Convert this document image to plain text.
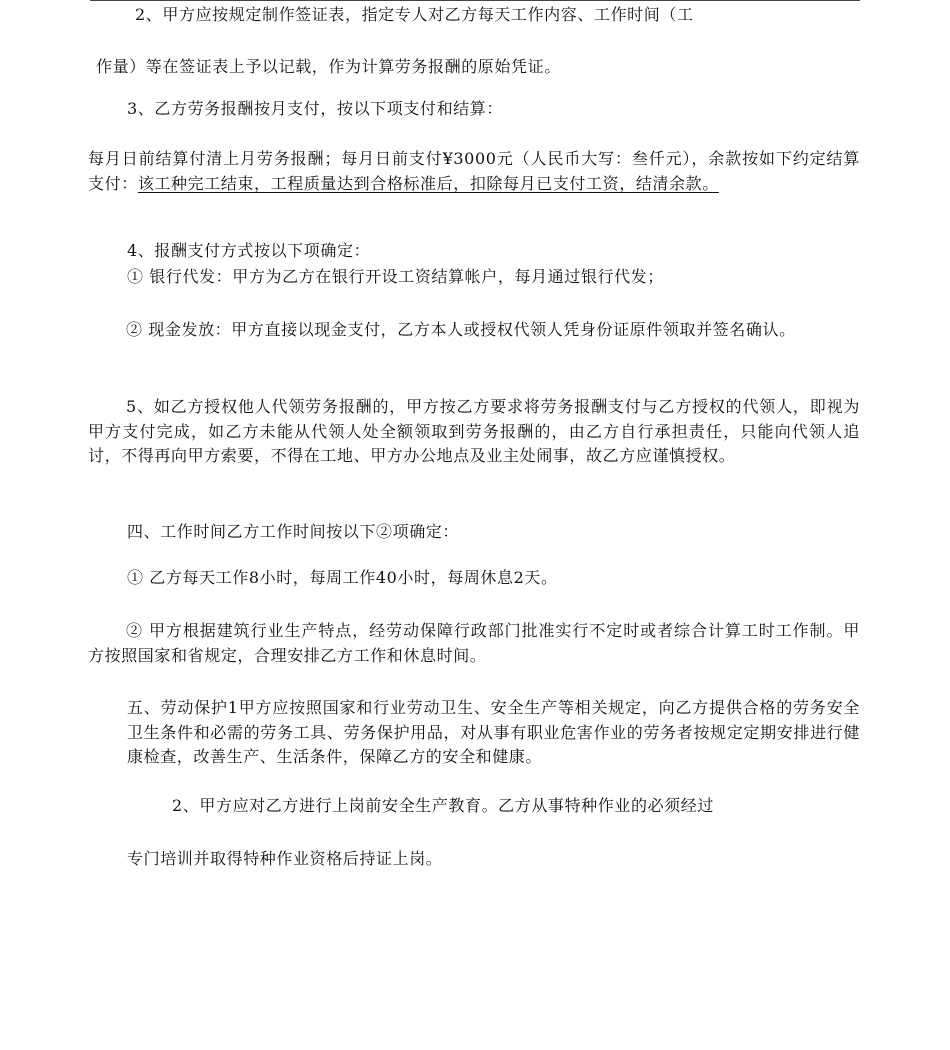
2、甲方应按规定制作签证表，指定专人对乙方每天工作内容、工作时间（工
作量）等在签证表上予以记载，作为计算劳务报酬的原始凭证。
3、乙方劳务报酬按月支付，按以下项支付和结算：
每月日前结算付清上月劳务报酬；每月日前支付¥3000元（人民币大写：叁仟元），余款按如下约定结算支付：该工种完工结束，工程质量达到合格标准后，扣除每月已支付工资，结清余款。
4、报酬支付方式按以下项确定：
① 银行代发：甲方为乙方在银行开设工资结算帐户，每月通过银行代发；
② 现金发放：甲方直接以现金支付，乙方本人或授权代领人凭身份证原件领取并签名确认。
5、如乙方授权他人代领劳务报酬的，甲方按乙方要求将劳务报酬支付与乙方授权的代领人，即视为甲方支付完成，如乙方未能从代领人处全额领取到劳务报酬的，由乙方自行承担责任，只能向代领人追讨，不得再向甲方索要，不得在工地、甲方办公地点及业主处闹事，故乙方应谨慎授权。
四、工作时间乙方工作时间按以下②项确定：
① 乙方每天工作8小时，每周工作40小时，每周休息2天。
② 甲方根据建筑行业生产特点，经劳动保障行政部门批准实行不定时或者综合计算工时工作制。甲方按照国家和省规定，合理安排乙方工作和休息时间。
五、劳动保护1甲方应按照国家和行业劳动卫生、安全生产等相关规定，向乙方提供合格的劳务安全卫生条件和必需的劳务工具、劳务保护用品，对从事有职业危害作业的劳务者按规定定期安排进行健康检查，改善生产、生活条件，保障乙方的安全和健康。
2、甲方应对乙方进行上岗前安全生产教育。乙方从事特种作业的必须经过
专门培训并取得特种作业资格后持证上岗。
